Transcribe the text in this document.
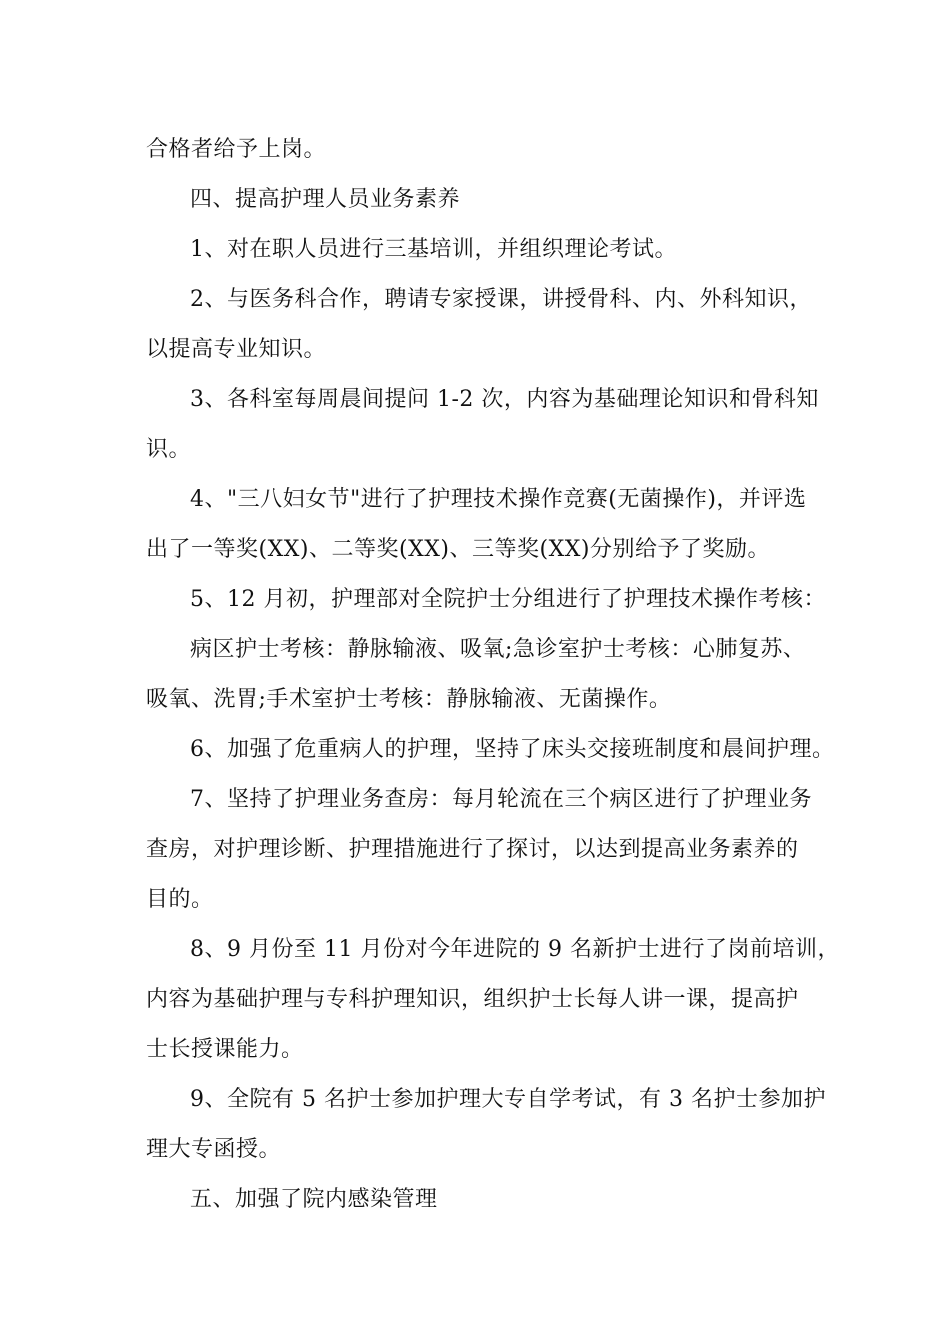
合格者给予上岗。
四、提高护理人员业务素养
1、对在职人员进行三基培训，并组织理论考试。
2、与医务科合作，聘请专家授课，讲授骨科、内、外科知识，
以提高专业知识。
3、各科室每周晨间提问 1-2 次，内容为基础理论知识和骨科知
识。
4、"三八妇女节"进行了护理技术操作竞赛(无菌操作)，并评选
出了一等奖(XX)、二等奖(XX)、三等奖(XX)分别给予了奖励。
5、12 月初，护理部对全院护士分组进行了护理技术操作考核：
病区护士考核：静脉输液、吸氧;急诊室护士考核：心肺复苏、
吸氧、洗胃;手术室护士考核：静脉输液、无菌操作。
6、加强了危重病人的护理，坚持了床头交接班制度和晨间护理。
7、坚持了护理业务查房：每月轮流在三个病区进行了护理业务
查房，对护理诊断、护理措施进行了探讨，以达到提高业务素养的
目的。
8、9 月份至 11 月份对今年进院的 9 名新护士进行了岗前培训，
内容为基础护理与专科护理知识，组织护士长每人讲一课，提高护
士长授课能力。
9、全院有 5 名护士参加护理大专自学考试，有 3 名护士参加护
理大专函授。
五、加强了院内感染管理
